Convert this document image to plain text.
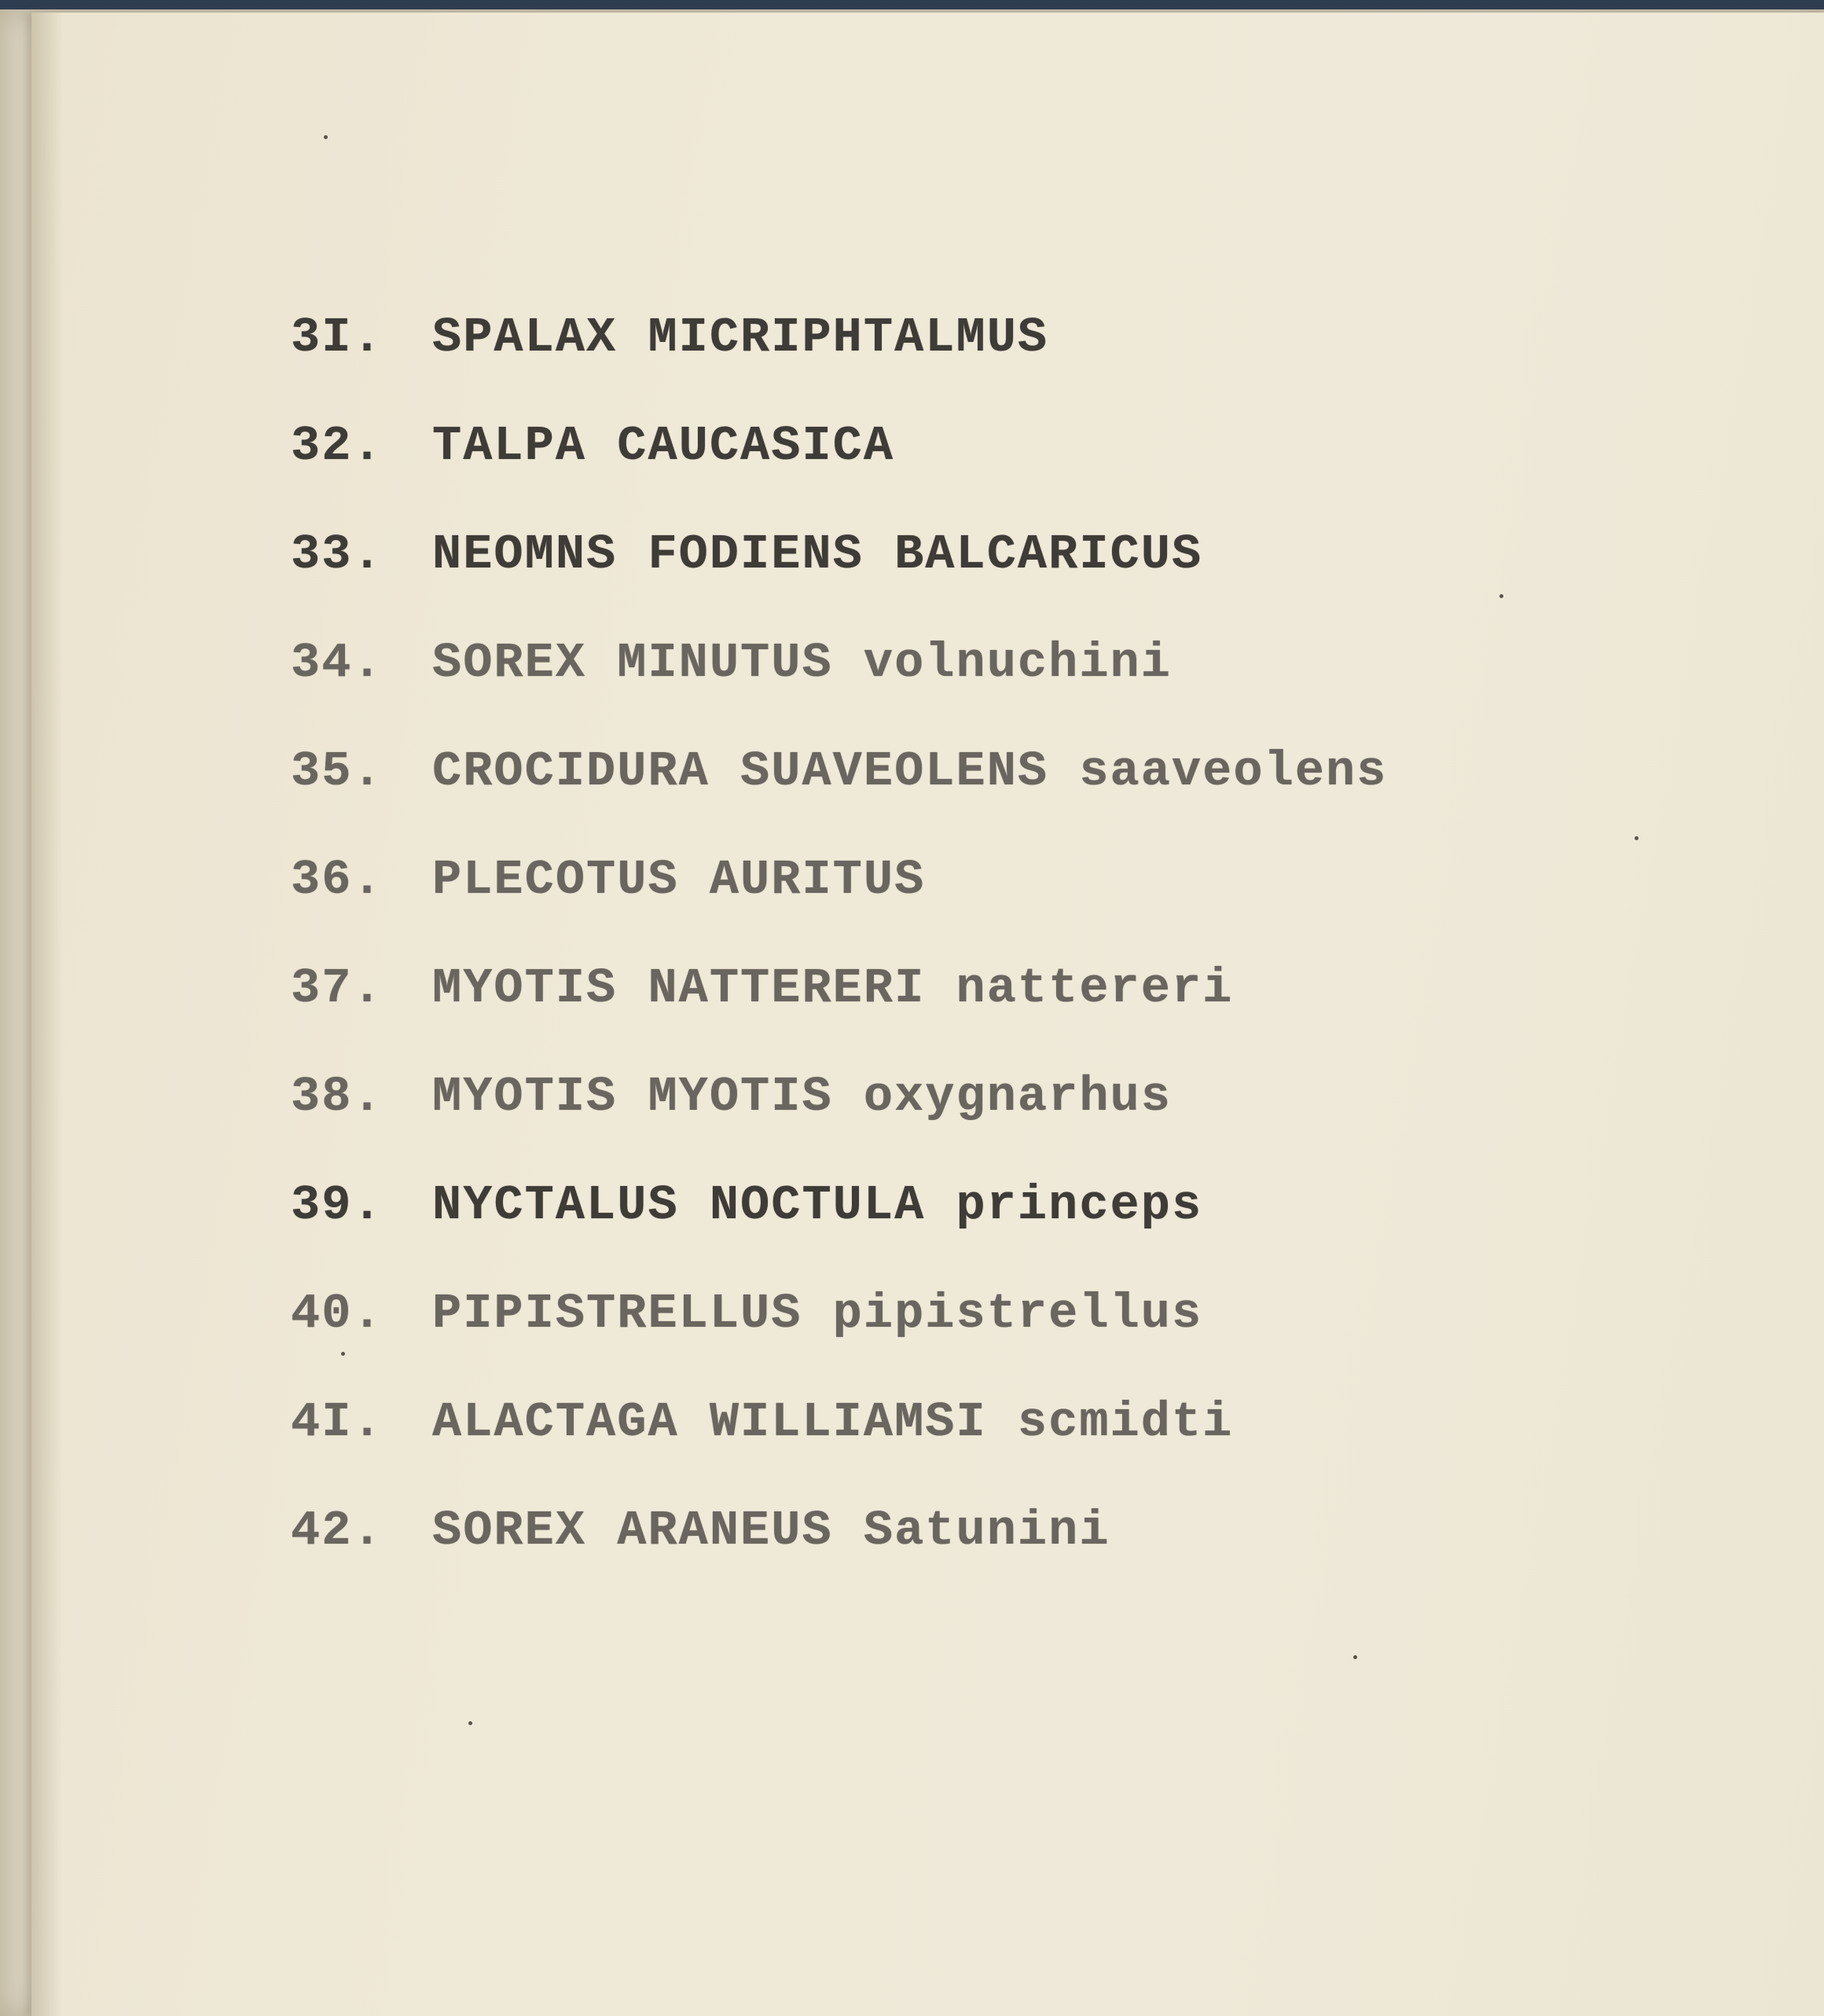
3I. SPALAX MICRIPHTALMUS
32. TALPA CAUCASICA
33. NEOMNS FODIENS BALCARICUS
34. SOREX MINUTUS volnuchini
35. CROCIDURA SUAVEOLENS saaveolens
36. PLECOTUS AURITUS
37. MYOTIS NATTERERI nattereri
38. MYOTIS MYOTIS oxygnarhus
39. NYCTALUS NOCTULA princeps
40. PIPISTRELLUS pipistrellus
4I. ALACTAGA WILLIAMSI scmidti
42. SOREX ARANEUS Satunini
